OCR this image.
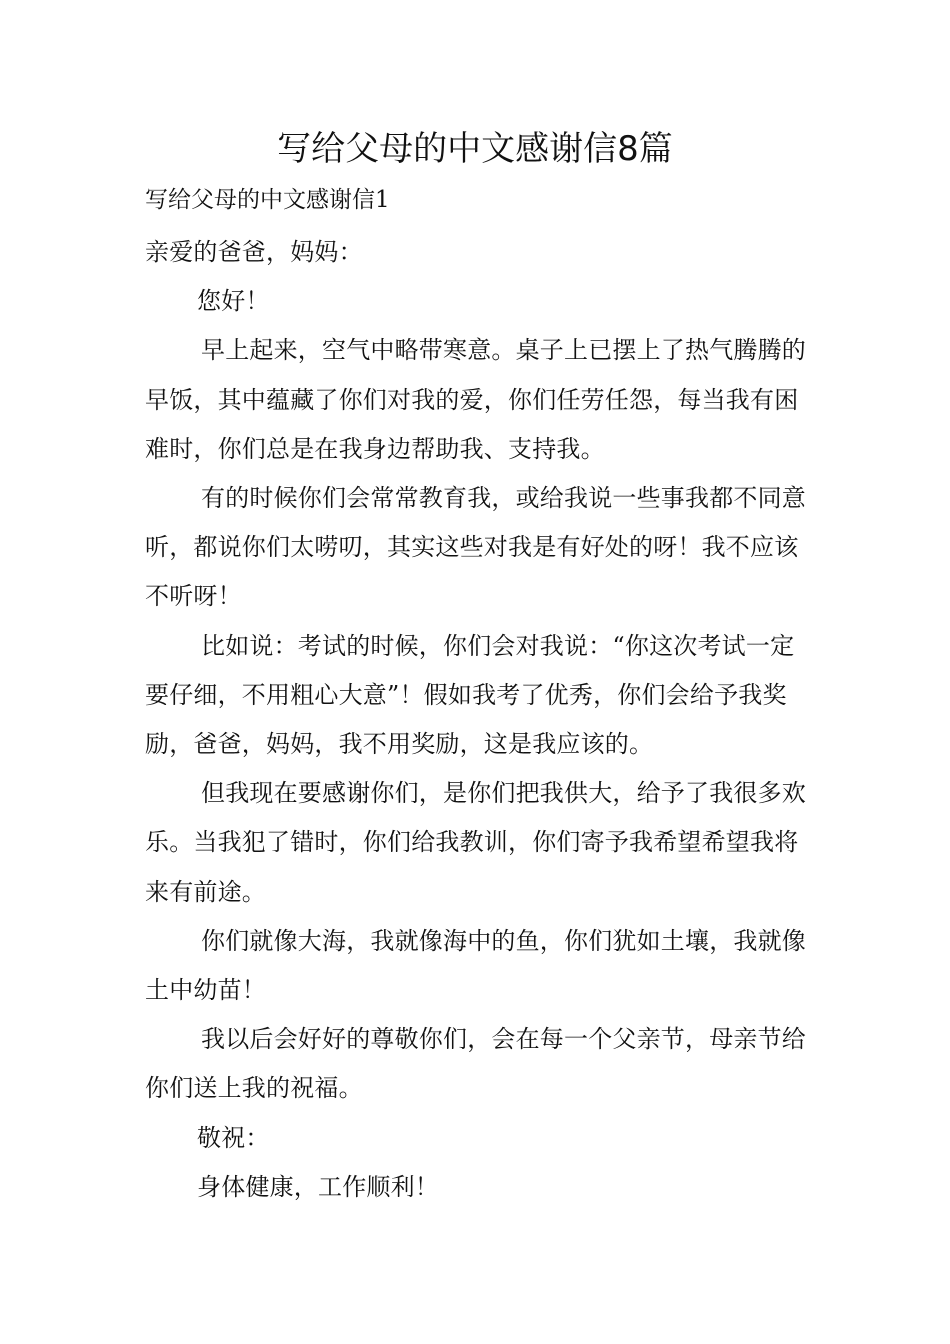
写给父母的中文感谢信8篇
写给父母的中文感谢信1

亲爱的爸爸，妈妈：

您好！

早上起来，空气中略带寒意。桌子上已摆上了热气腾腾的早饭，其中蕴藏了你们对我的爱，你们任劳任怨，每当我有困难时，你们总是在我身边帮助我、支持我。

有的时候你们会常常教育我，或给我说一些事我都不同意听，都说你们太唠叨，其实这些对我是有好处的呀！我不应该不听呀！

比如说：考试的时候，你们会对我说：“你这次考试一定要仔细，不用粗心大意”！假如我考了优秀，你们会给予我奖励，爸爸，妈妈，我不用奖励，这是我应该的。

但我现在要感谢你们，是你们把我供大，给予了我很多欢乐。当我犯了错时，你们给我教训，你们寄予我希望希望我将来有前途。

你们就像大海，我就像海中的鱼，你们犹如土壤，我就像土中幼苗！

我以后会好好的尊敬你们，会在每一个父亲节，母亲节给你们送上我的祝福。

敬祝：

身体健康，工作顺利！
